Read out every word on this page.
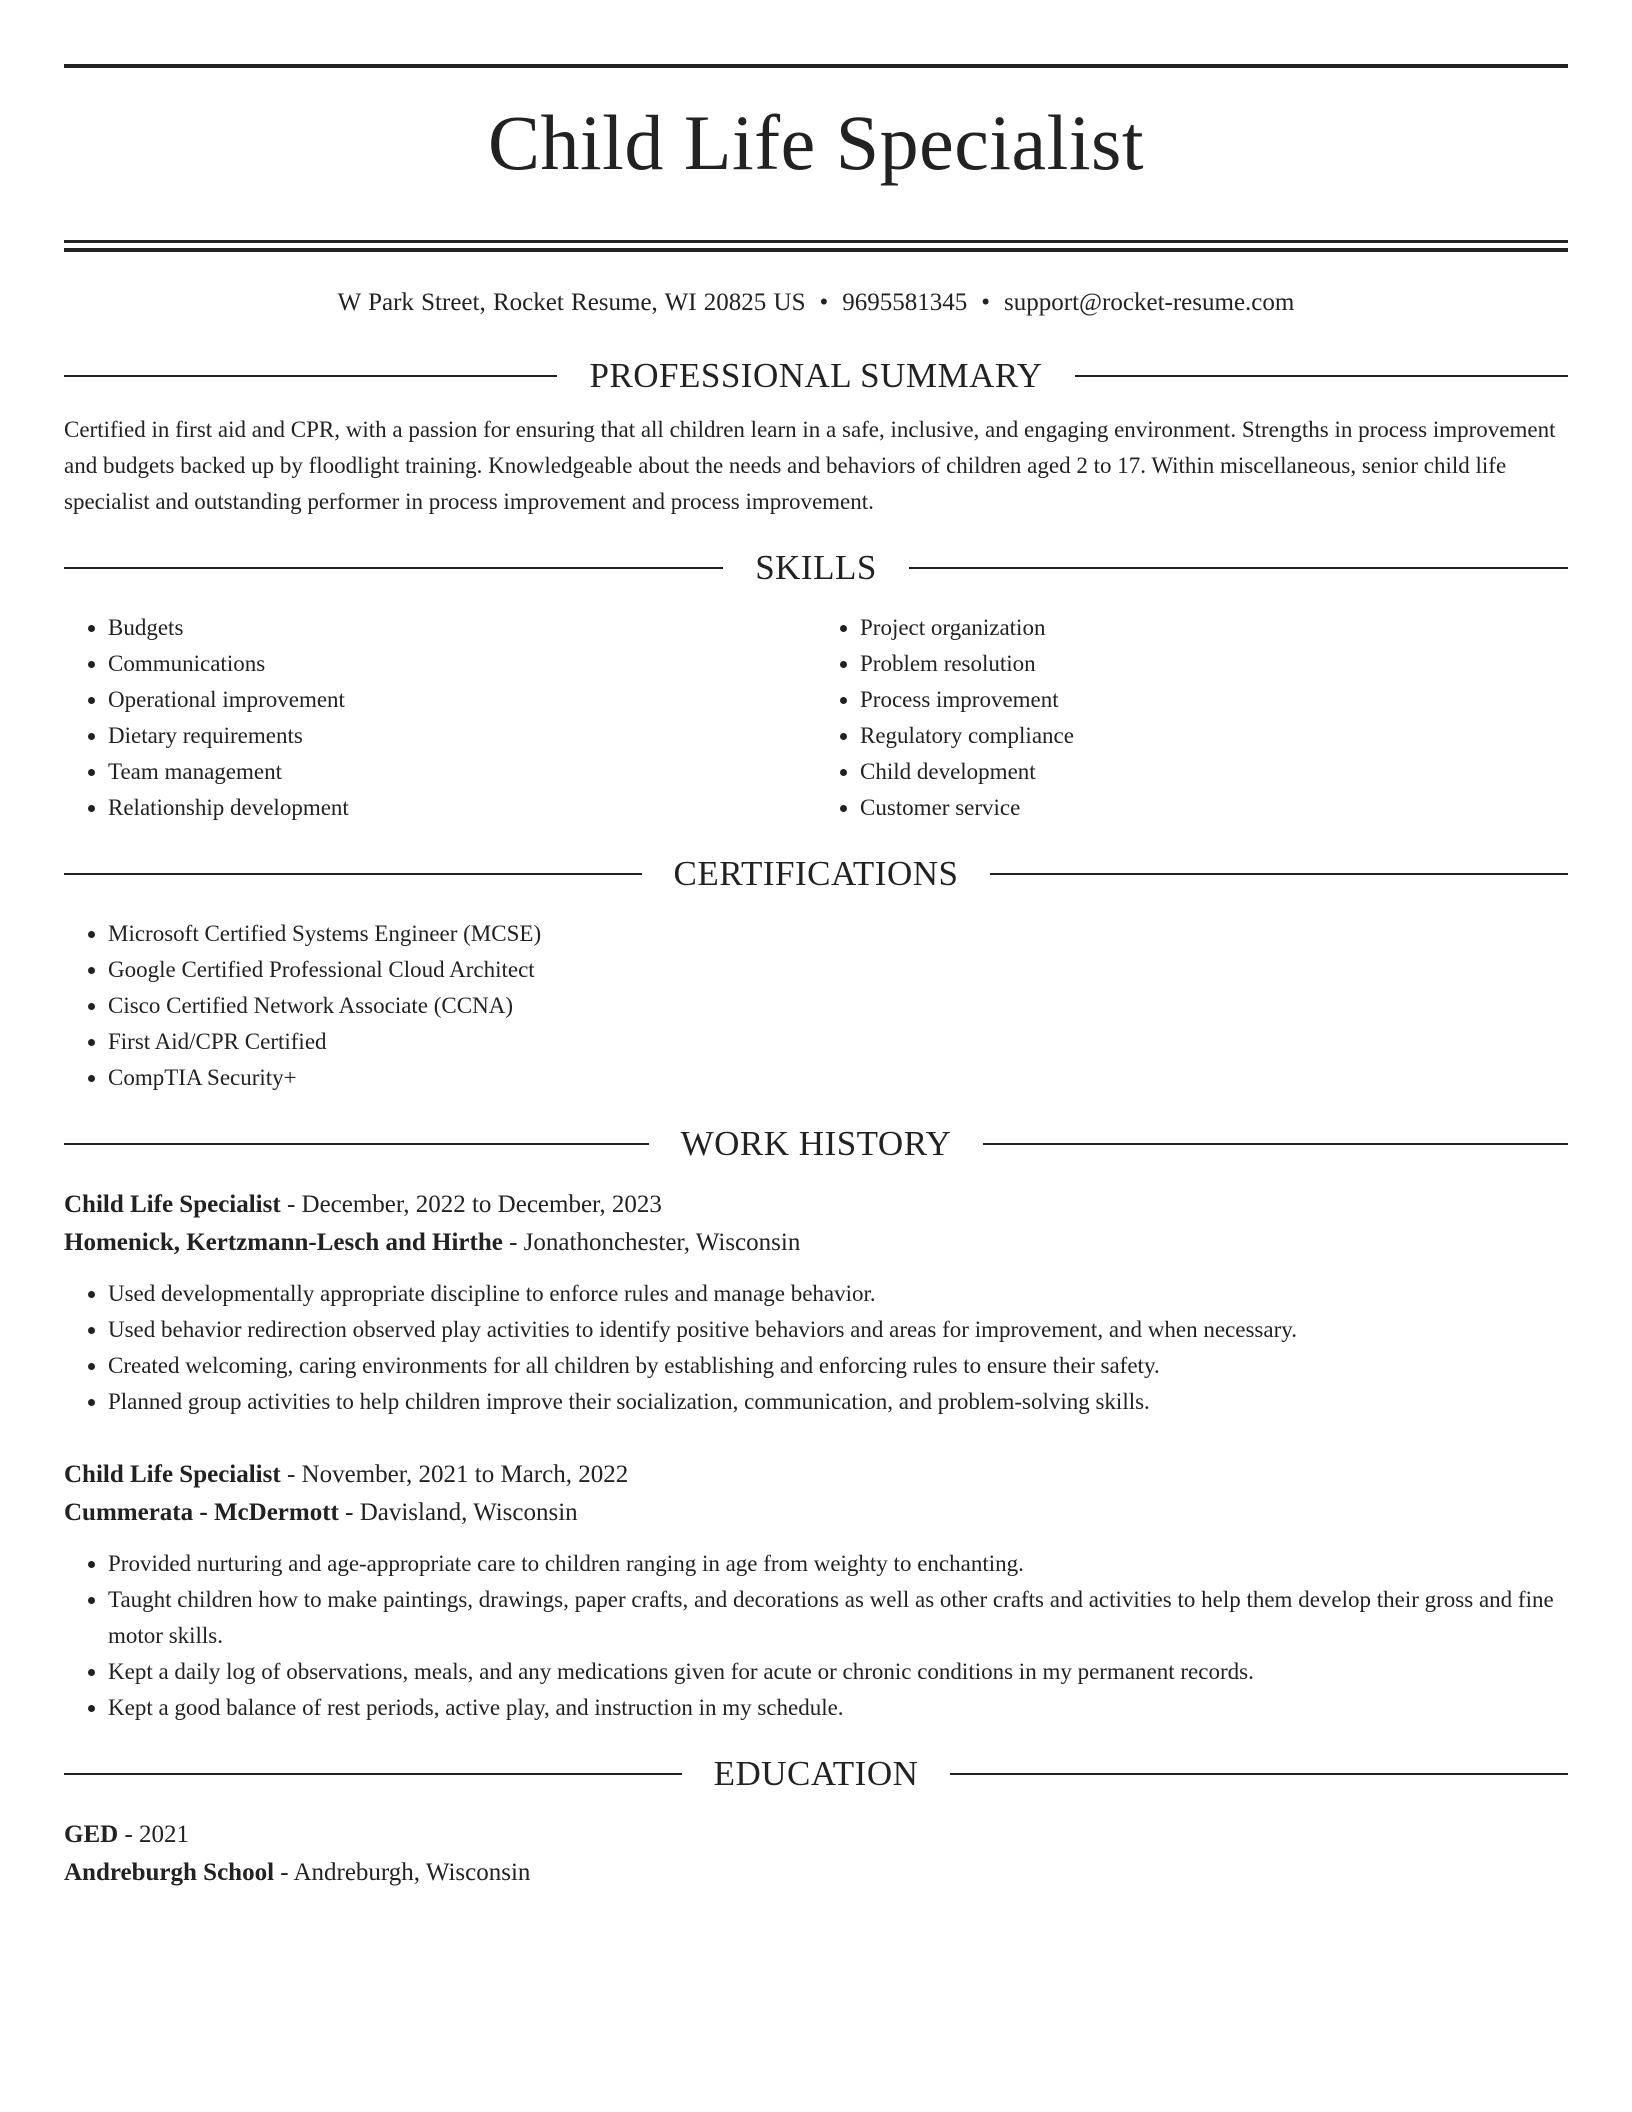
Child Life Specialist
W Park Street, Rocket Resume, WI 20825 US • 9695581345 • support@rocket-resume.com
PROFESSIONAL SUMMARY

Certified in first aid and CPR, with a passion for ensuring that all children learn in a safe, inclusive, and engaging environment. Strengths in process improvement and budgets backed up by floodlight training. Knowledgeable about the needs and behaviors of children aged 2 to 17. Within miscellaneous, senior child life specialist and outstanding performer in process improvement and process improvement.

SKILLS
• Budgets
• Communications
• Operational improvement
• Dietary requirements
• Team management
• Relationship development
• Project organization
• Problem resolution
• Process improvement
• Regulatory compliance
• Child development
• Customer service
CERTIFICATIONS
• Microsoft Certified Systems Engineer (MCSE)
• Google Certified Professional Cloud Architect
• Cisco Certified Network Associate (CCNA)
• First Aid/CPR Certified
• CompTIA Security+
WORK HISTORY
Child Life Specialist - December, 2022 to December, 2023
Homenick, Kertzmann-Lesch and Hirthe - Jonathonchester, Wisconsin
• Used developmentally appropriate discipline to enforce rules and manage behavior.
• Used behavior redirection observed play activities to identify positive behaviors and areas for improvement, and when necessary.
• Created welcoming, caring environments for all children by establishing and enforcing rules to ensure their safety.
• Planned group activities to help children improve their socialization, communication, and problem-solving skills.
Child Life Specialist - November, 2021 to March, 2022
Cummerata - McDermott - Davisland, Wisconsin
• Provided nurturing and age-appropriate care to children ranging in age from weighty to enchanting.
• Taught children how to make paintings, drawings, paper crafts, and decorations as well as other crafts and activities to help them develop their gross and fine motor skills.
• Kept a daily log of observations, meals, and any medications given for acute or chronic conditions in my permanent records.
• Kept a good balance of rest periods, active play, and instruction in my schedule.
EDUCATION
GED - 2021
Andreburgh School - Andreburgh, Wisconsin
